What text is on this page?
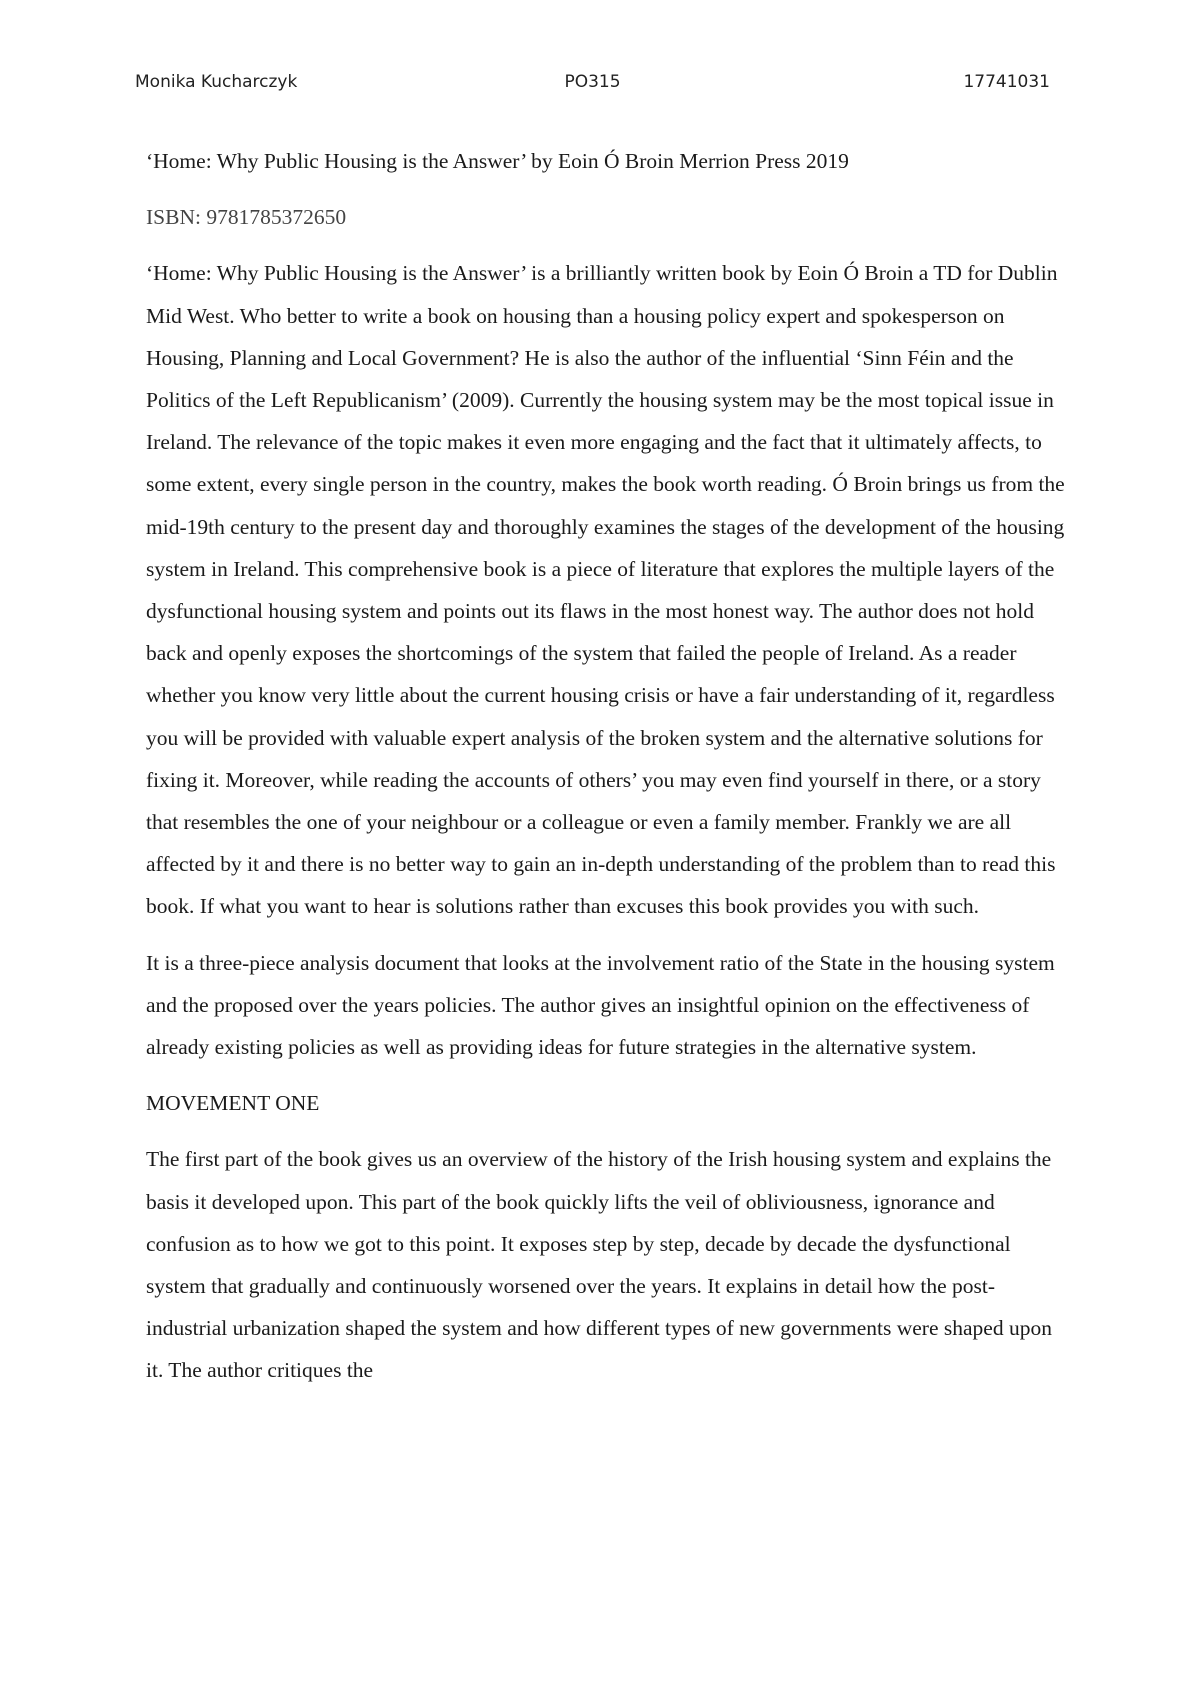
Monika Kucharczyk	PO315	17741031

‘Home: Why Public Housing is the Answer’ by Eoin Ó Broin Merrion Press 2019

ISBN: 9781785372650

‘Home: Why Public Housing is the Answer’ is a brilliantly written book by Eoin Ó Broin a TD for Dublin Mid West. Who better to write a book on housing than a housing policy expert and spokesperson on Housing, Planning and Local Government? He is also the author of the influential ‘Sinn Féin and the Politics of the Left Republicanism’ (2009). Currently the housing system may be the most topical issue in Ireland. The relevance of the topic makes it even more engaging and the fact that it ultimately affects, to some extent, every single person in the country, makes the book worth reading. Ó Broin brings us from the mid-19th century to the present day and thoroughly examines the stages of the development of the housing system in Ireland. This comprehensive book is a piece of literature that explores the multiple layers of the dysfunctional housing system and points out its flaws in the most honest way. The author does not hold back and openly exposes the shortcomings of the system that failed the people of Ireland. As a reader whether you know very little about the current housing crisis or have a fair understanding of it, regardless you will be provided with valuable expert analysis of the broken system and the alternative solutions for fixing it. Moreover, while reading the accounts of others’ you may even find yourself in there, or a story that resembles the one of your neighbour or a colleague or even a family member. Frankly we are all affected by it and there is no better way to gain an in-depth understanding of the problem than to read this book. If what you want to hear is solutions rather than excuses this book provides you with such.

It is a three-piece analysis document that looks at the involvement ratio of the State in the housing system and the proposed over the years policies. The author gives an insightful opinion on the effectiveness of already existing policies as well as providing ideas for future strategies in the alternative system.

MOVEMENT ONE

The first part of the book gives us an overview of the history of the Irish housing system and explains the basis it developed upon. This part of the book quickly lifts the veil of obliviousness, ignorance and confusion as to how we got to this point. It exposes step by step, decade by decade the dysfunctional system that gradually and continuously worsened over the years. It explains in detail how the post-industrial urbanization shaped the system and how different types of new governments were shaped upon it. The author critiques the
